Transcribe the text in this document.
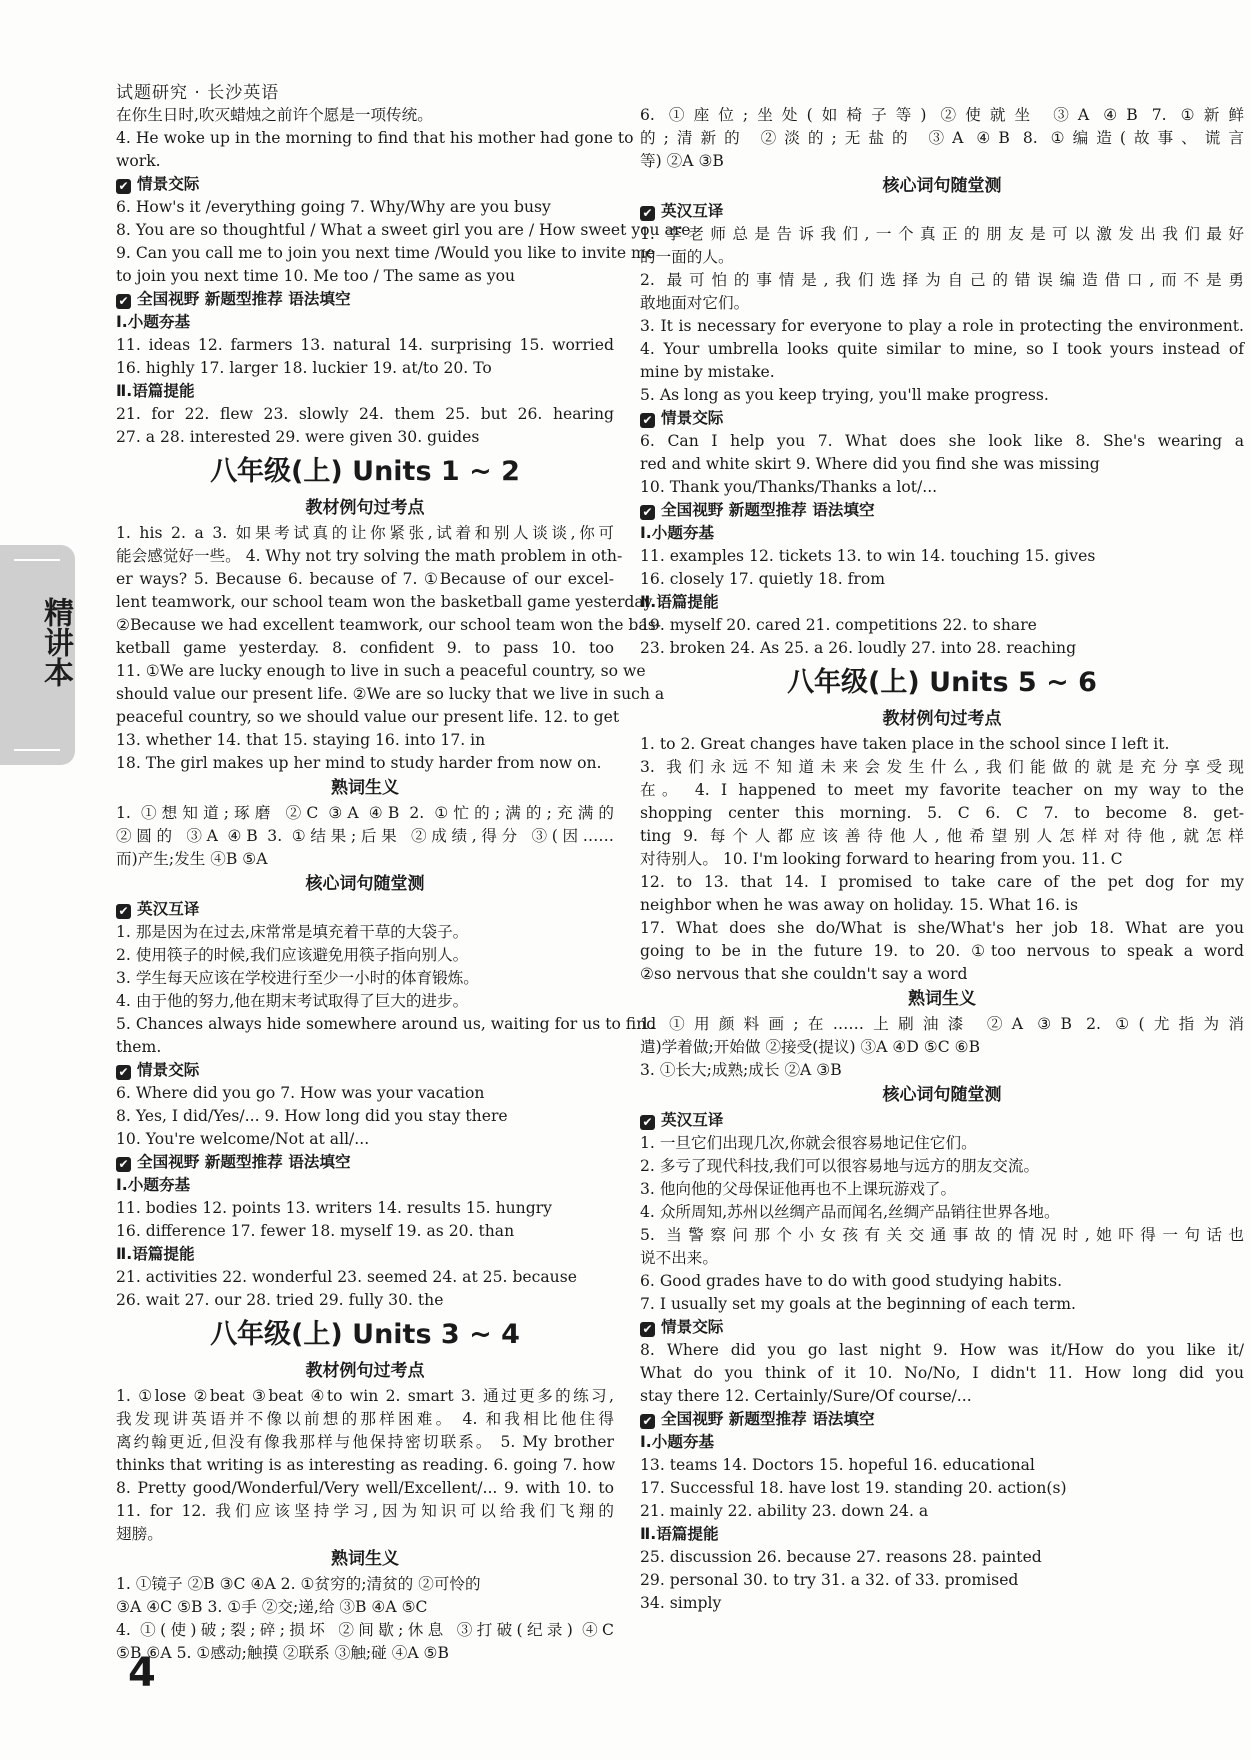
试题研究 · 长沙英语
精讲本
在你生日时,吹灭蜡烛之前许个愿是一项传统。
4. He woke up in the morning to find that his mother had gone to
work.
✔ 情景交际
6. How's it /everything going 7. Why/Why are you busy
8. You are so thoughtful / What a sweet girl you are / How sweet you are
9. Can you call me to join you next time /Would you like to invite me
to join you next time 10. Me too / The same as you
✔ 全国视野 新题型推荐 语法填空
Ⅰ.小题夯基
11. ideas 12. farmers 13. natural 14. surprising 15. worried
16. highly 17. larger 18. luckier 19. at/to 20. To
Ⅱ.语篇提能
21. for 22. flew 23. slowly 24. them 25. but 26. hearing
27. a 28. interested 29. were given 30. guides
八年级(上) Units 1 ~ 2
教材例句过考点
1. his 2. a 3. 如果考试真的让你紧张,试着和别人谈谈,你可
能会感觉好一些。 4. Why not try solving the math problem in oth-
er ways? 5. Because 6. because of 7. ①Because of our excel-
lent teamwork, our school team won the basketball game yesterday.
②Because we had excellent teamwork, our school team won the bas-
ketball game yesterday. 8. confident 9. to pass 10. too
11. ①We are lucky enough to live in such a peaceful country, so we
should value our present life. ②We are so lucky that we live in such a
peaceful country, so we should value our present life. 12. to get
13. whether 14. that 15. staying 16. into 17. in
18. The girl makes up her mind to study harder from now on.
熟词生义
1. ①想知道;琢磨 ②C ③A ④B 2. ①忙的;满的;充满的
②圆的 ③A ④B 3. ①结果;后果 ②成绩,得分 ③(因……
而)产生;发生 ④B ⑤A
核心词句随堂测
✔ 英汉互译
1. 那是因为在过去,床常常是填充着干草的大袋子。
2. 使用筷子的时候,我们应该避免用筷子指向别人。
3. 学生每天应该在学校进行至少一小时的体育锻炼。
4. 由于他的努力,他在期末考试取得了巨大的进步。
5. Chances always hide somewhere around us, waiting for us to find
them.
✔ 情景交际
6. Where did you go 7. How was your vacation
8. Yes, I did/Yes/... 9. How long did you stay there
10. You're welcome/Not at all/...
✔ 全国视野 新题型推荐 语法填空
Ⅰ.小题夯基
11. bodies 12. points 13. writers 14. results 15. hungry
16. difference 17. fewer 18. myself 19. as 20. than
Ⅱ.语篇提能
21. activities 22. wonderful 23. seemed 24. at 25. because
26. wait 27. our 28. tried 29. fully 30. the
八年级(上) Units 3 ~ 4
教材例句过考点
1. ①lose ②beat ③beat ④to win 2. smart 3. 通过更多的练习,
我发现讲英语并不像以前想的那样困难。 4. 和我相比他住得
离约翰更近,但没有像我那样与他保持密切联系。 5. My brother
thinks that writing is as interesting as reading. 6. going 7. how
8. Pretty good/Wonderful/Very well/Excellent/... 9. with 10. to
11. for 12. 我们应该坚持学习,因为知识可以给我们飞翔的
翅膀。
熟词生义
1. ①镜子 ②B ③C ④A 2. ①贫穷的;清贫的 ②可怜的
③A ④C ⑤B 3. ①手 ②交;递,给 ③B ④A ⑤C
4. ①(使)破;裂;碎;损坏 ②间歇;休息 ③打破(纪录) ④C
⑤B ⑥A 5. ①感动;触摸 ②联系 ③触;碰 ④A ⑤B
6. ①座位;坐处(如椅子等) ②使就坐 ③A ④B 7. ①新鲜
的;清新的 ②淡的;无盐的 ③A ④B 8. ①编造(故事、谎言
等) ②A ③B
核心词句随堂测
✔ 英汉互译
1. 李老师总是告诉我们,一个真正的朋友是可以激发出我们最好
的一面的人。
2. 最可怕的事情是,我们选择为自己的错误编造借口,而不是勇
敢地面对它们。
3. It is necessary for everyone to play a role in protecting the environment.
4. Your umbrella looks quite similar to mine, so I took yours instead of
mine by mistake.
5. As long as you keep trying, you'll make progress.
✔ 情景交际
6. Can I help you 7. What does she look like 8. She's wearing a
red and white skirt 9. Where did you find she was missing
10. Thank you/Thanks/Thanks a lot/...
✔ 全国视野 新题型推荐 语法填空
Ⅰ.小题夯基
11. examples 12. tickets 13. to win 14. touching 15. gives
16. closely 17. quietly 18. from
Ⅱ.语篇提能
19. myself 20. cared 21. competitions 22. to share
23. broken 24. As 25. a 26. loudly 27. into 28. reaching
八年级(上) Units 5 ~ 6
教材例句过考点
1. to 2. Great changes have taken place in the school since I left it.
3. 我们永远不知道未来会发生什么,我们能做的就是充分享受现
在。 4. I happened to meet my favorite teacher on my way to the
shopping center this morning. 5. C 6. C 7. to become 8. get-
ting 9. 每个人都应该善待他人,他希望别人怎样对待他,就怎样
对待别人。 10. I'm looking forward to hearing from you. 11. C
12. to 13. that 14. I promised to take care of the pet dog for my
neighbor when he was away on holiday. 15. What 16. is
17. What does she do/What is she/What's her job 18. What are you
going to be in the future 19. to 20. ①too nervous to speak a word
②so nervous that she couldn't say a word
熟词生义
1. ①用颜料画;在……上刷油漆 ②A ③B 2. ①(尤指为消
遣)学着做;开始做 ②接受(提议) ③A ④D ⑤C ⑥B
3. ①长大;成熟;成长 ②A ③B
核心词句随堂测
✔ 英汉互译
1. 一旦它们出现几次,你就会很容易地记住它们。
2. 多亏了现代科技,我们可以很容易地与远方的朋友交流。
3. 他向他的父母保证他再也不上课玩游戏了。
4. 众所周知,苏州以丝绸产品而闻名,丝绸产品销往世界各地。
5. 当警察问那个小女孩有关交通事故的情况时,她吓得一句话也
说不出来。
6. Good grades have to do with good studying habits.
7. I usually set my goals at the beginning of each term.
✔ 情景交际
8. Where did you go last night 9. How was it/How do you like it/
What do you think of it 10. No/No, I didn't 11. How long did you
stay there 12. Certainly/Sure/Of course/...
✔ 全国视野 新题型推荐 语法填空
Ⅰ.小题夯基
13. teams 14. Doctors 15. hopeful 16. educational
17. Successful 18. have lost 19. standing 20. action(s)
21. mainly 22. ability 23. down 24. a
Ⅱ.语篇提能
25. discussion 26. because 27. reasons 28. painted
29. personal 30. to try 31. a 32. of 33. promised
34. simply
4
